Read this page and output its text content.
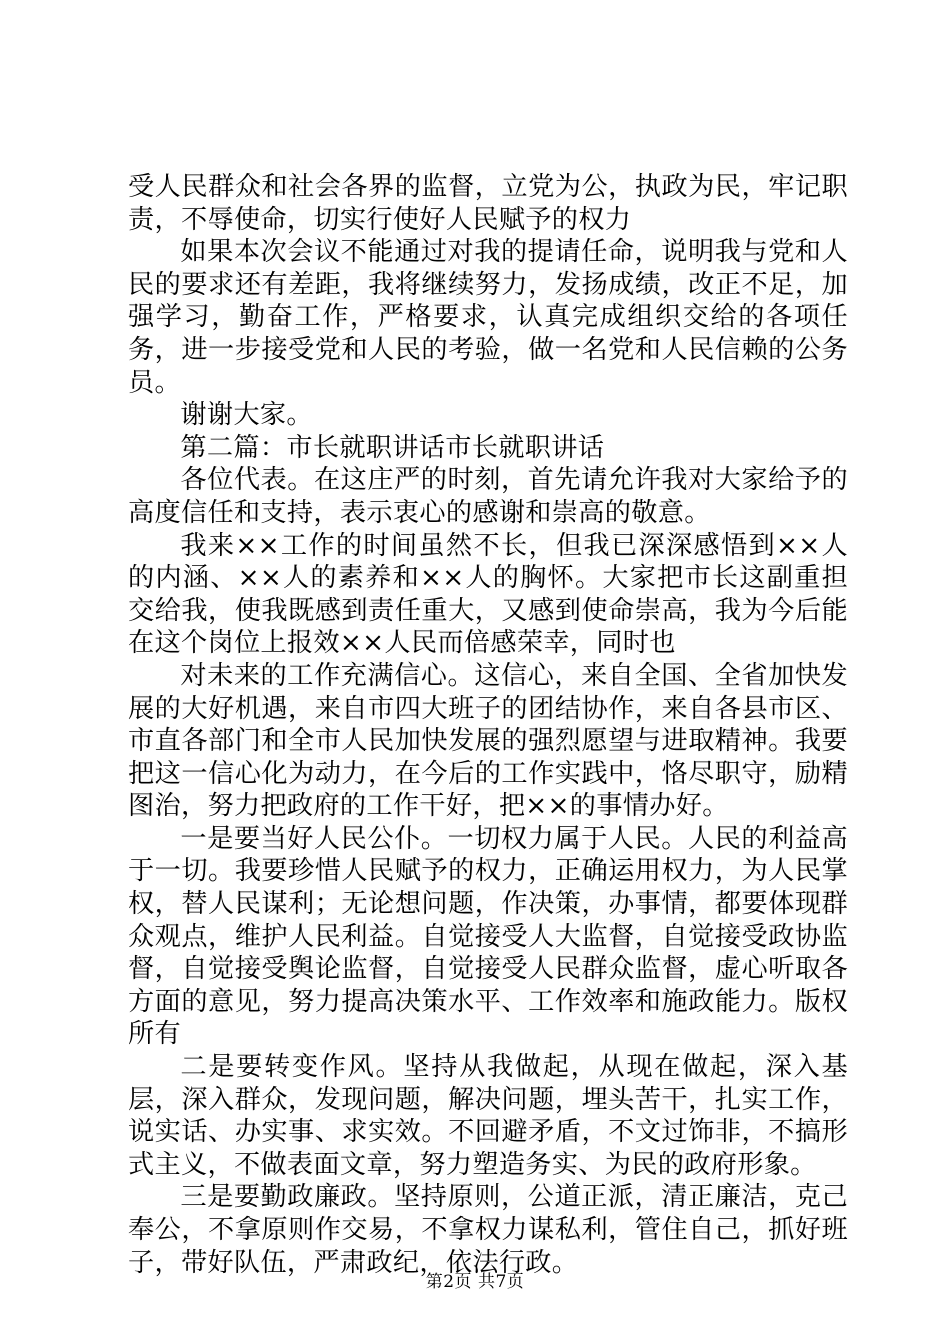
受人民群众和社会各界的监督，立党为公，执政为民，牢记职责，不辱使命，切实行使好人民赋予的权力

如果本次会议不能通过对我的提请任命，说明我与党和人民的要求还有差距，我将继续努力，发扬成绩，改正不足，加强学习，勤奋工作，严格要求，认真完成组织交给的各项任务，进一步接受党和人民的考验，做一名党和人民信赖的公务员。

谢谢大家。

第二篇：市长就职讲话市长就职讲话

各位代表。在这庄严的时刻，首先请允许我对大家给予的高度信任和支持，表示衷心的感谢和崇高的敬意。

我来××工作的时间虽然不长，但我已深深感悟到××人的内涵、××人的素养和××人的胸怀。大家把市长这副重担交给我，使我既感到责任重大，又感到使命崇高，我为今后能在这个岗位上报效××人民而倍感荣幸，同时也

对未来的工作充满信心。这信心，来自全国、全省加快发展的大好机遇，来自市四大班子的团结协作，来自各县市区、市直各部门和全市人民加快发展的强烈愿望与进取精神。我要把这一信心化为动力，在今后的工作实践中，恪尽职守，励精图治，努力把政府的工作干好，把××的事情办好。

一是要当好人民公仆。一切权力属于人民。人民的利益高于一切。我要珍惜人民赋予的权力，正确运用权力，为人民掌权，替人民谋利；无论想问题，作决策，办事情，都要体现群众观点，维护人民利益。自觉接受人大监督，自觉接受政协监督，自觉接受舆论监督，自觉接受人民群众监督，虚心听取各方面的意见，努力提高决策水平、工作效率和施政能力。版权所有

二是要转变作风。坚持从我做起，从现在做起，深入基层，深入群众，发现问题，解决问题，埋头苦干，扎实工作，说实话、办实事、求实效。不回避矛盾，不文过饰非，不搞形式主义，不做表面文章，努力塑造务实、为民的政府形象。

三是要勤政廉政。坚持原则，公道正派，清正廉洁，克己奉公，不拿原则作交易，不拿权力谋私利，管住自己，抓好班子，带好队伍，严肃政纪，依法行政。

第2页 共7页
